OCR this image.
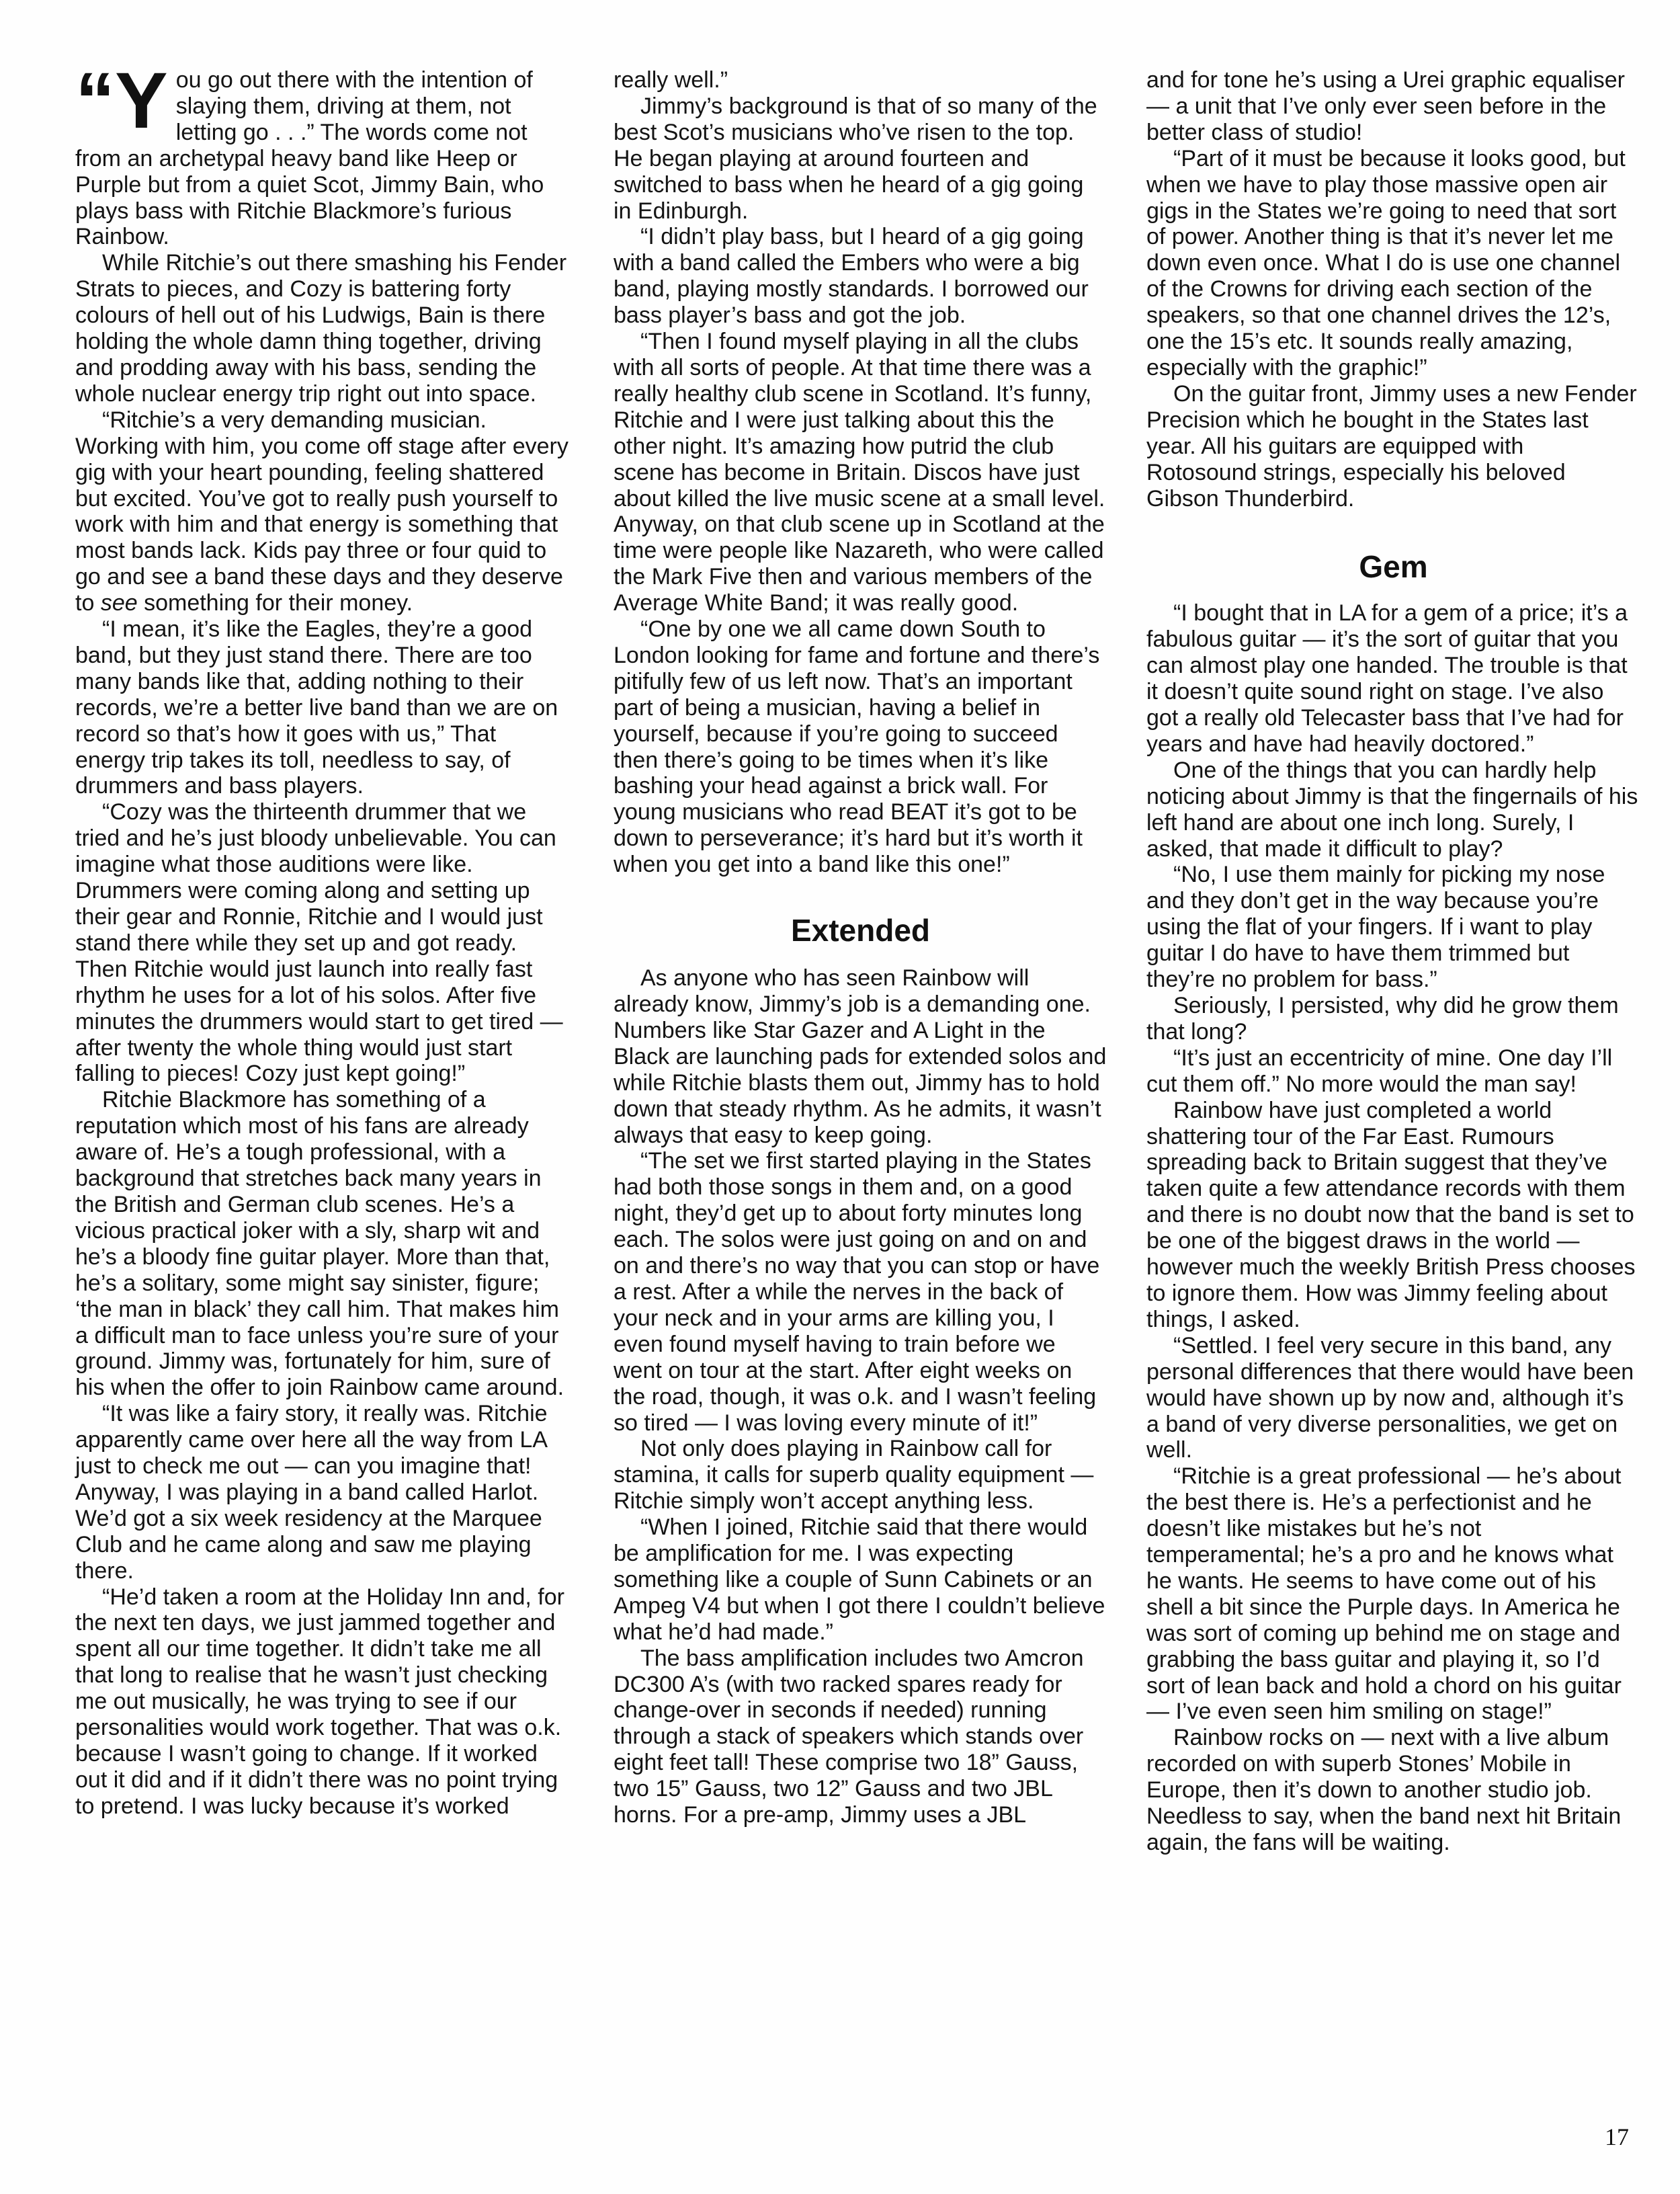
“You go out there with the intention of slaying them, driving at them, not letting go . . .” The words come not from an archetypal heavy band like Heep or Purple but from a quiet Scot, Jimmy Bain, who plays bass with Ritchie Blackmore’s furious Rainbow.

While Ritchie’s out there smashing his Fender Strats to pieces, and Cozy is battering forty colours of hell out of his Ludwigs, Bain is there holding the whole damn thing together, driving and prodding away with his bass, sending the whole nuclear energy trip right out into space.

“Ritchie’s a very demanding musician. Working with him, you come off stage after every gig with your heart pounding, feeling shattered but excited. You’ve got to really push yourself to work with him and that energy is something that most bands lack. Kids pay three or four quid to go and see a band these days and they deserve to see something for their money.

“I mean, it’s like the Eagles, they’re a good band, but they just stand there. There are too many bands like that, adding nothing to their records, we’re a better live band than we are on record so that’s how it goes with us,” That energy trip takes its toll, needless to say, of drummers and bass players.

“Cozy was the thirteenth drummer that we tried and he’s just bloody unbelievable. You can imagine what those auditions were like. Drummers were coming along and setting up their gear and Ronnie, Ritchie and I would just stand there while they set up and got ready. Then Ritchie would just launch into really fast rhythm he uses for a lot of his solos. After five minutes the drummers would start to get tired — after twenty the whole thing would just start falling to pieces! Cozy just kept going!”

Ritchie Blackmore has something of a reputation which most of his fans are already aware of. He’s a tough professional, with a background that stretches back many years in the British and German club scenes. He’s a vicious practical joker with a sly, sharp wit and he’s a bloody fine guitar player. More than that, he’s a solitary, some might say sinister, figure; ‘the man in black’ they call him. That makes him a difficult man to face unless you’re sure of your ground. Jimmy was, fortunately for him, sure of his when the offer to join Rainbow came around.

“It was like a fairy story, it really was. Ritchie apparently came over here all the way from LA just to check me out — can you imagine that! Anyway, I was playing in a band called Harlot. We’d got a six week residency at the Marquee Club and he came along and saw me playing there.

“He’d taken a room at the Holiday Inn and, for the next ten days, we just jammed together and spent all our time together. It didn’t take me all that long to realise that he wasn’t just checking me out musically, he was trying to see if our personalities would work together. That was o.k. because I wasn’t going to change. If it worked out it did and if it didn’t there was no point trying to pretend. I was lucky because it’s worked

really well.”

Jimmy’s background is that of so many of the best Scot’s musicians who’ve risen to the top. He began playing at around fourteen and switched to bass when he heard of a gig going in Edinburgh.

“I didn’t play bass, but I heard of a gig going with a band called the Embers who were a big band, playing mostly standards. I borrowed our bass player’s bass and got the job.

“Then I found myself playing in all the clubs with all sorts of people. At that time there was a really healthy club scene in Scotland. It’s funny, Ritchie and I were just talking about this the other night. It’s amazing how putrid the club scene has become in Britain. Discos have just about killed the live music scene at a small level. Anyway, on that club scene up in Scotland at the time were people like Nazareth, who were called the Mark Five then and various members of the Average White Band; it was really good.

“One by one we all came down South to London looking for fame and fortune and there’s pitifully few of us left now. That’s an important part of being a musician, having a belief in yourself, because if you’re going to succeed then there’s going to be times when it’s like bashing your head against a brick wall. For young musicians who read BEAT it’s got to be down to perseverance; it’s hard but it’s worth it when you get into a band like this one!”

Extended

As anyone who has seen Rainbow will already know, Jimmy’s job is a demanding one. Numbers like Star Gazer and A Light in the Black are launching pads for extended solos and while Ritchie blasts them out, Jimmy has to hold down that steady rhythm. As he admits, it wasn’t always that easy to keep going.

“The set we first started playing in the States had both those songs in them and, on a good night, they’d get up to about forty minutes long each. The solos were just going on and on and on and there’s no way that you can stop or have a rest. After a while the nerves in the back of your neck and in your arms are killing you, I even found myself having to train before we went on tour at the start. After eight weeks on the road, though, it was o.k. and I wasn’t feeling so tired — I was loving every minute of it!”

Not only does playing in Rainbow call for stamina, it calls for superb quality equipment — Ritchie simply won’t accept anything less.

“When I joined, Ritchie said that there would be amplification for me. I was expecting something like a couple of Sunn Cabinets or an Ampeg V4 but when I got there I couldn’t believe what he’d had made.”

The bass amplification includes two Amcron DC300 A’s (with two racked spares ready for change-over in seconds if needed) running through a stack of speakers which stands over eight feet tall! These comprise two 18” Gauss, two 15” Gauss, two 12” Gauss and two JBL horns. For a pre-amp, Jimmy uses a JBL

and for tone he’s using a Urei graphic equaliser — a unit that I’ve only ever seen before in the better class of studio!

“Part of it must be because it looks good, but when we have to play those massive open air gigs in the States we’re going to need that sort of power. Another thing is that it’s never let me down even once. What I do is use one channel of the Crowns for driving each section of the speakers, so that one channel drives the 12’s, one the 15’s etc. It sounds really amazing, especially with the graphic!”

On the guitar front, Jimmy uses a new Fender Precision which he bought in the States last year. All his guitars are equipped with Rotosound strings, especially his beloved Gibson Thunderbird.

Gem

“I bought that in LA for a gem of a price; it’s a fabulous guitar — it’s the sort of guitar that you can almost play one handed. The trouble is that it doesn’t quite sound right on stage. I’ve also got a really old Telecaster bass that I’ve had for years and have had heavily doctored.”

One of the things that you can hardly help noticing about Jimmy is that the fingernails of his left hand are about one inch long. Surely, I asked, that made it difficult to play?

“No, I use them mainly for picking my nose and they don’t get in the way because you’re using the flat of your fingers. If i want to play guitar I do have to have them trimmed but they’re no problem for bass.”

Seriously, I persisted, why did he grow them that long?

“It’s just an eccentricity of mine. One day I’ll cut them off.” No more would the man say!

Rainbow have just completed a world shattering tour of the Far East. Rumours spreading back to Britain suggest that they’ve taken quite a few attendance records with them and there is no doubt now that the band is set to be one of the biggest draws in the world — however much the weekly British Press chooses to ignore them. How was Jimmy feeling about things, I asked.

“Settled. I feel very secure in this band, any personal differences that there would have been would have shown up by now and, although it’s a band of very diverse personalities, we get on well.

“Ritchie is a great professional — he’s about the best there is. He’s a perfectionist and he doesn’t like mistakes but he’s not temperamental; he’s a pro and he knows what he wants. He seems to have come out of his shell a bit since the Purple days. In America he was sort of coming up behind me on stage and grabbing the bass guitar and playing it, so I’d sort of lean back and hold a chord on his guitar — I’ve even seen him smiling on stage!”

Rainbow rocks on — next with a live album recorded on with superb Stones’ Mobile in Europe, then it’s down to another studio job. Needless to say, when the band next hit Britain again, the fans will be waiting.

17
